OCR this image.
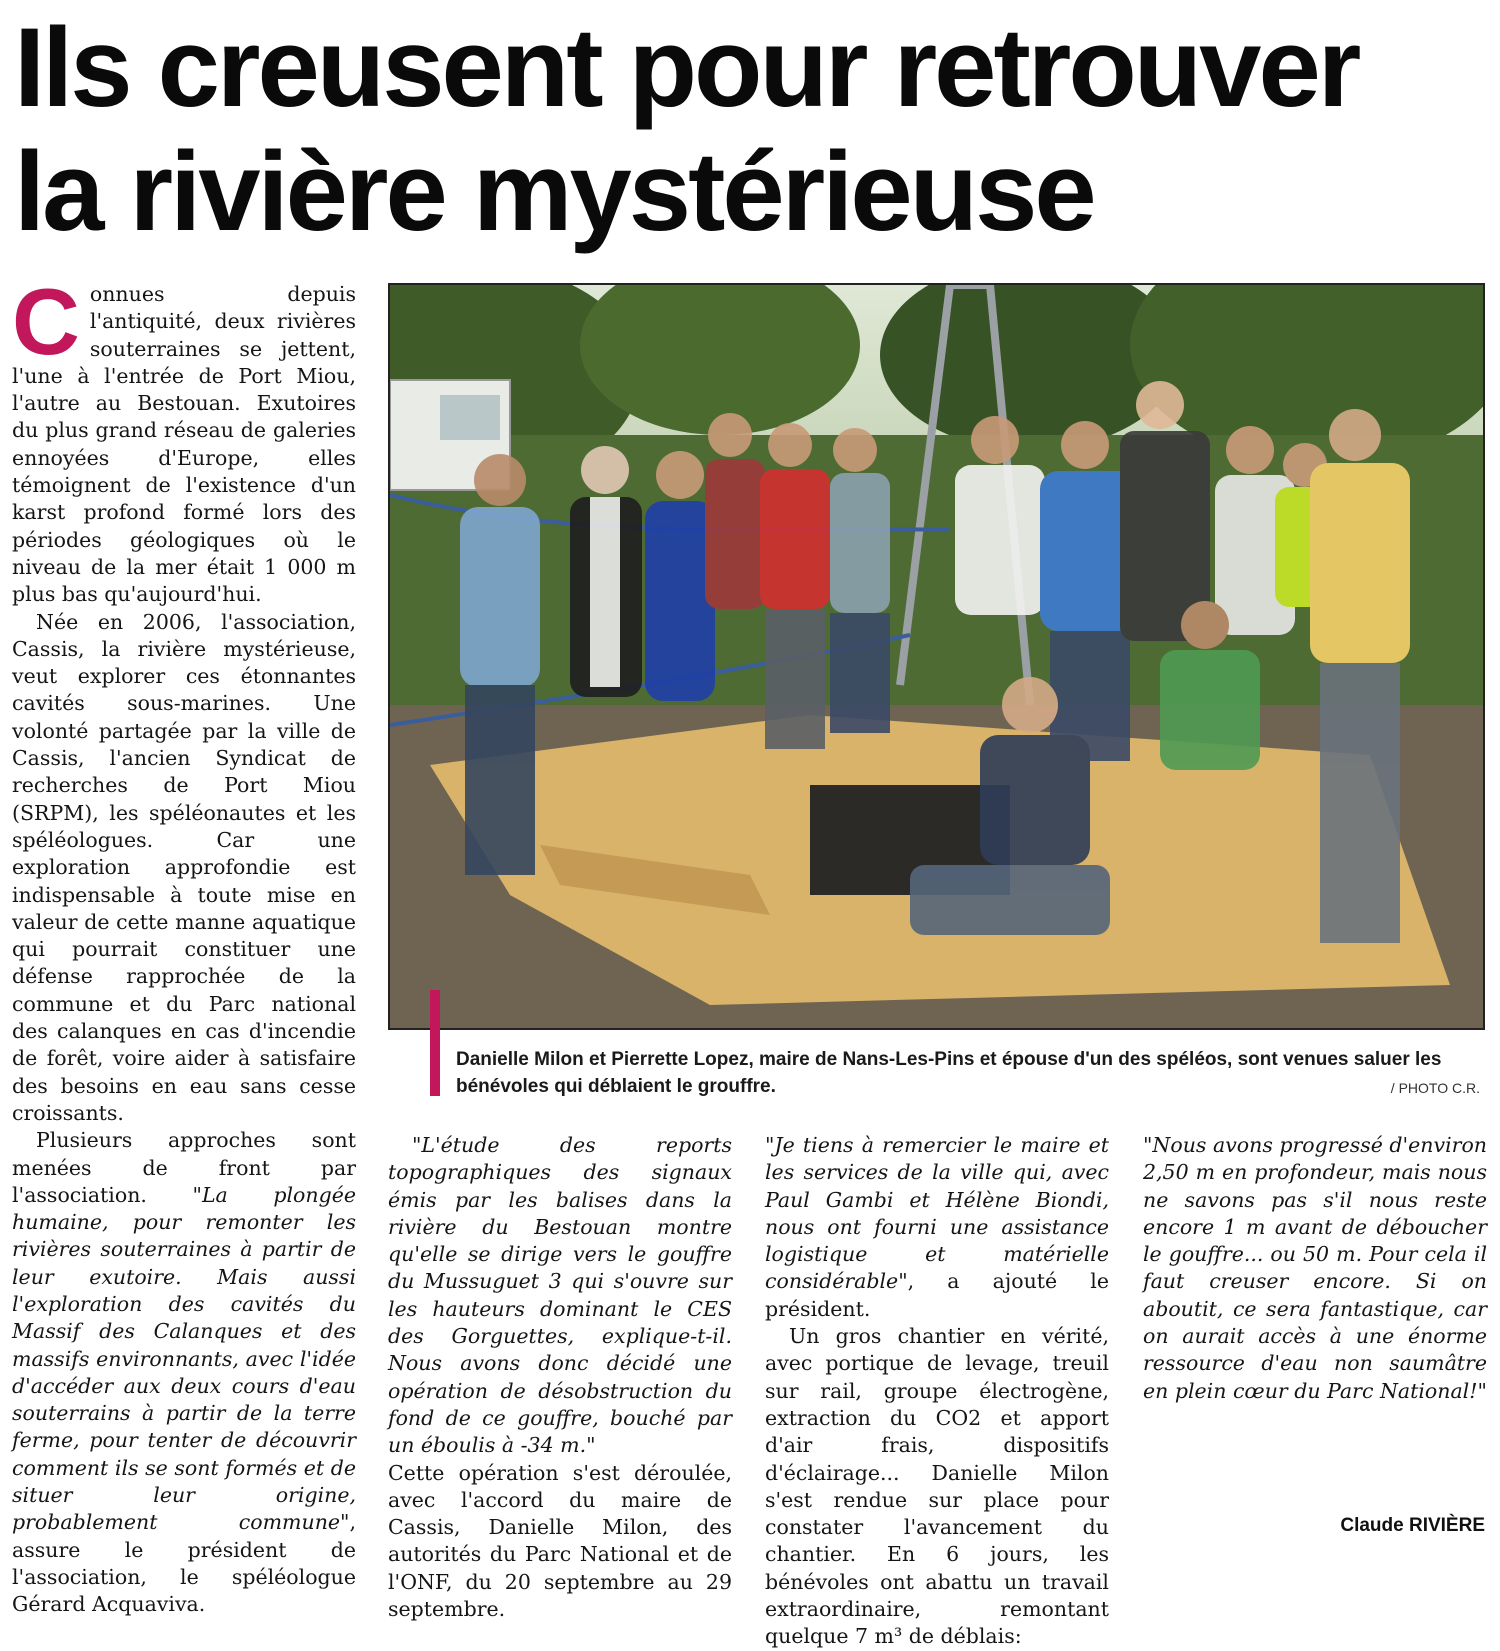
Ils creusent pour retrouver
la rivière mystérieuse

Connues depuis l'antiquité, deux rivières souterraines se jettent, l'une à l'entrée de Port Miou, l'autre au Bestouan. Exutoires du plus grand réseau de galeries ennoyées d'Europe, elles témoignent de l'existence d'un karst profond formé lors des périodes géologiques où le niveau de la mer était 1 000 m plus bas qu'aujourd'hui.

Née en 2006, l'association, Cassis, la rivière mystérieuse, veut explorer ces étonnantes cavités sous-marines. Une volonté partagée par la ville de Cassis, l'ancien Syndicat de recherches de Port Miou (SRPM), les spéléonautes et les spéléologues. Car une exploration approfondie est indispensable à toute mise en valeur de cette manne aquatique qui pourrait constituer une défense rapprochée de la commune et du Parc national des calanques en cas d'incendie de forêt, voire aider à satisfaire des besoins en eau sans cesse croissants.

Plusieurs approches sont menées de front par l'association. "La plongée humaine, pour remonter les rivières souterraines à partir de leur exutoire. Mais aussi l'exploration des cavités du Massif des Calanques et des massifs environnants, avec l'idée d'accéder aux deux cours d'eau souterrains à partir de la terre ferme, pour tenter de découvrir comment ils se sont formés et de situer leur origine, probablement commune", assure le président de l'association, le spéléologue Gérard Acquaviva.

"L'étude des reports topographiques des signaux émis par les balises dans la rivière du Bestouan montre qu'elle se dirige vers le gouffre du Mussuguet 3 qui s'ouvre sur les hauteurs dominant le CES des Gorguettes, explique-t-il. Nous avons donc décidé une opération de désobstruction du fond de ce gouffre, bouché par un éboulis à -34 m."

Cette opération s'est déroulée, avec l'accord du maire de Cassis, Danielle Milon, des autorités du Parc National et de l'ONF, du 20 septembre au 29 septembre.

"Je tiens à remercier le maire et les services de la ville qui, avec Paul Gambi et Hélène Biondi, nous ont fourni une assistance logistique et matérielle considérable", a ajouté le président.

Un gros chantier en vérité, avec portique de levage, treuil sur rail, groupe électrogène, extraction du CO2 et apport d'air frais, dispositifs d'éclairage... Danielle Milon s'est rendue sur place pour constater l'avancement du chantier. En 6 jours, les bénévoles ont abattu un travail extraordinaire, remontant quelque 7 m³ de déblais:

"Nous avons progressé d'environ 2,50 m en profondeur, mais nous ne savons pas s'il nous reste encore 1 m avant de déboucher le gouffre... ou 50 m. Pour cela il faut creuser encore. Si on aboutit, ce sera fantastique, car on aurait accès à une énorme ressource d'eau non saumâtre en plein cœur du Parc National!"

Claude RIVIÈRE
Danielle Milon et Pierrette Lopez, maire de Nans-Les-Pins et épouse d'un des spéléos, sont venues saluer les bénévoles qui déblaient le grouffre.	/ PHOTO C.R.
